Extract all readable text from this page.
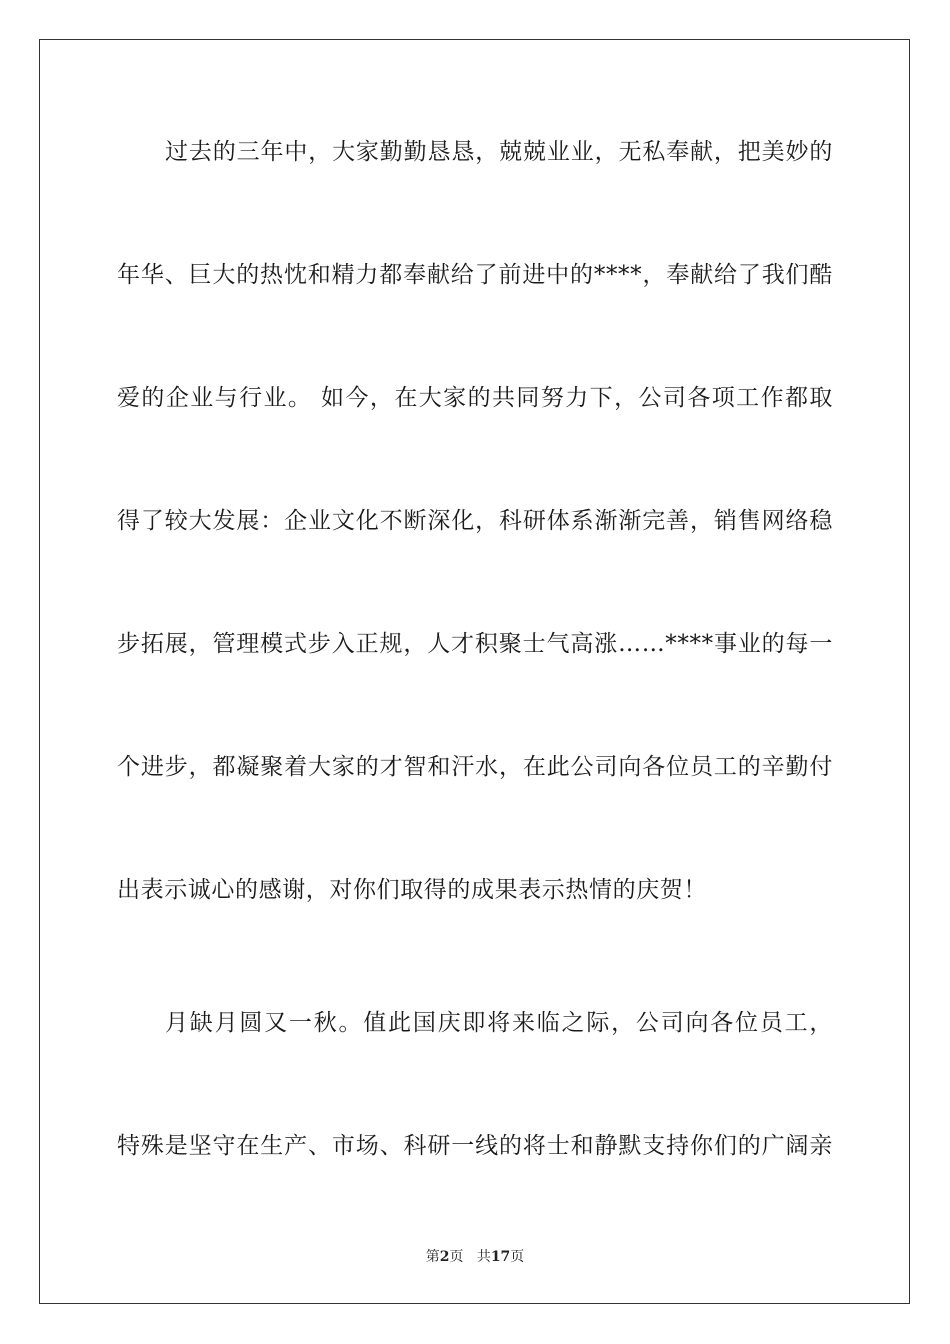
过去的三年中，大家勤勤恳恳，兢兢业业，无私奉献，把美妙的
年华、巨大的热忱和精力都奉献给了前进中的****，奉献给了我们酷
爱的企业与行业。 如今，在大家的共同努力下，公司各项工作都取
得了较大发展：企业文化不断深化，科研体系渐渐完善，销售网络稳
步拓展，管理模式步入正规，人才积聚士气高涨……****事业的每一
个进步，都凝聚着大家的才智和汗水，在此公司向各位员工的辛勤付
出表示诚心的感谢，对你们取得的成果表示热情的庆贺！
月缺月圆又一秋。值此国庆即将来临之际，公司向各位员工，
特殊是坚守在生产、市场、科研一线的将士和静默支持你们的广阔亲
第2页 共17页
